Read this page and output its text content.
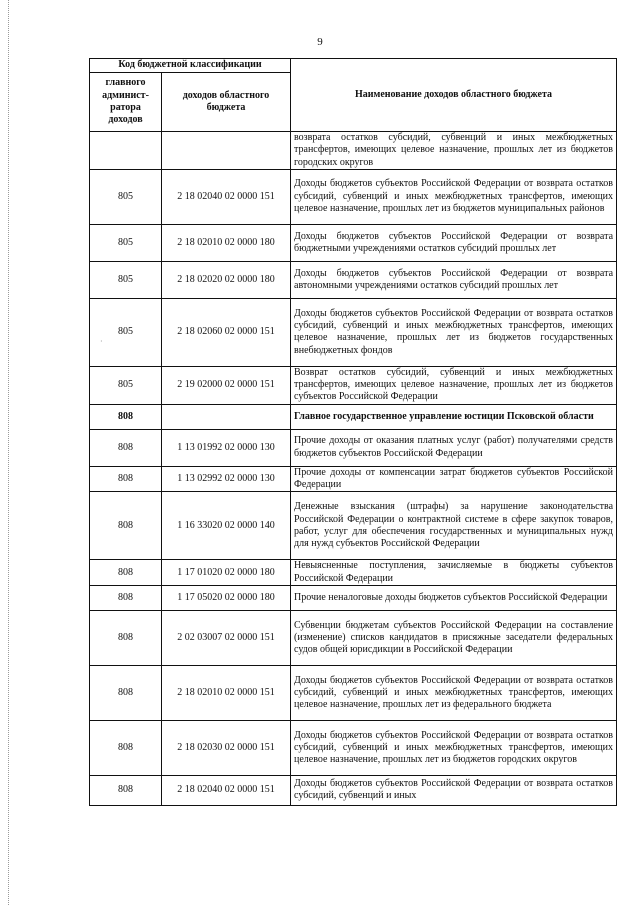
9
·
Код бюджетной классификации		Наименование доходов областного бюджета
главного админист-ратора доходов	доходов областного бюджета	
		возврата остатков субсидий, субвенций и иных межбюджетных трансфертов, имеющих целевое назначение, прошлых лет из бюджетов городских округов
805	2 18 02040 02 0000 151	Доходы бюджетов субъектов Российской Федерации от возврата остатков субсидий, субвенций и иных межбюджетных трансфертов, имеющих целевое назначение, прошлых лет из бюджетов муниципальных районов
805	2 18 02010 02 0000 180	Доходы бюджетов субъектов Российской Федерации от возврата бюджетными учреждениями остатков субсидий прошлых лет
805	2 18 02020 02 0000 180	Доходы бюджетов субъектов Российской Федерации от возврата автономными учреждениями остатков субсидий прошлых лет
805	2 18 02060 02 0000 151	Доходы бюджетов субъектов Российской Федерации от возврата остатков субсидий, субвенций и иных межбюджетных трансфертов, имеющих целевое назначение, прошлых лет из бюджетов государственных внебюджетных фондов
805	2 19 02000 02 0000 151	Возврат остатков субсидий, субвенций и иных межбюджетных трансфертов, имеющих целевое назначение, прошлых лет из бюджетов субъектов Российской Федерации
808		Главное государственное управление юстиции Псковской области
808	1 13 01992 02 0000 130	Прочие доходы от оказания платных услуг (работ) получателями средств бюджетов субъектов Российской Федерации
808	1 13 02992 02 0000 130	Прочие доходы от компенсации затрат бюджетов субъектов Российской Федерации
808	1 16 33020 02 0000 140	Денежные взыскания (штрафы) за нарушение законодательства Российской Федерации о контрактной системе в сфере закупок товаров, работ, услуг для обеспечения государственных и муниципальных нужд для нужд субъектов Российской Федерации
808	1 17 01020 02 0000 180	Невыясненные поступления, зачисляемые в бюджеты субъектов Российской Федерации
808	1 17 05020 02 0000 180	Прочие неналоговые доходы бюджетов субъектов Российской Федерации
808	2 02 03007 02 0000 151	Субвенции бюджетам субъектов Российской Федерации на составление (изменение) списков кандидатов в присяжные заседатели федеральных судов общей юрисдикции в Российской Федерации
808	2 18 02010 02 0000 151	Доходы бюджетов субъектов Российской Федерации от возврата остатков субсидий, субвенций и иных межбюджетных трансфертов, имеющих целевое назначение, прошлых лет из федерального бюджета
808	2 18 02030 02 0000 151	Доходы бюджетов субъектов Российской Федерации от возврата остатков субсидий, субвенций и иных межбюджетных трансфертов, имеющих целевое назначение, прошлых лет из бюджетов городских округов
808	2 18 02040 02 0000 151	Доходы бюджетов субъектов Российской Федерации от возврата остатков субсидий, субвенций и иных
